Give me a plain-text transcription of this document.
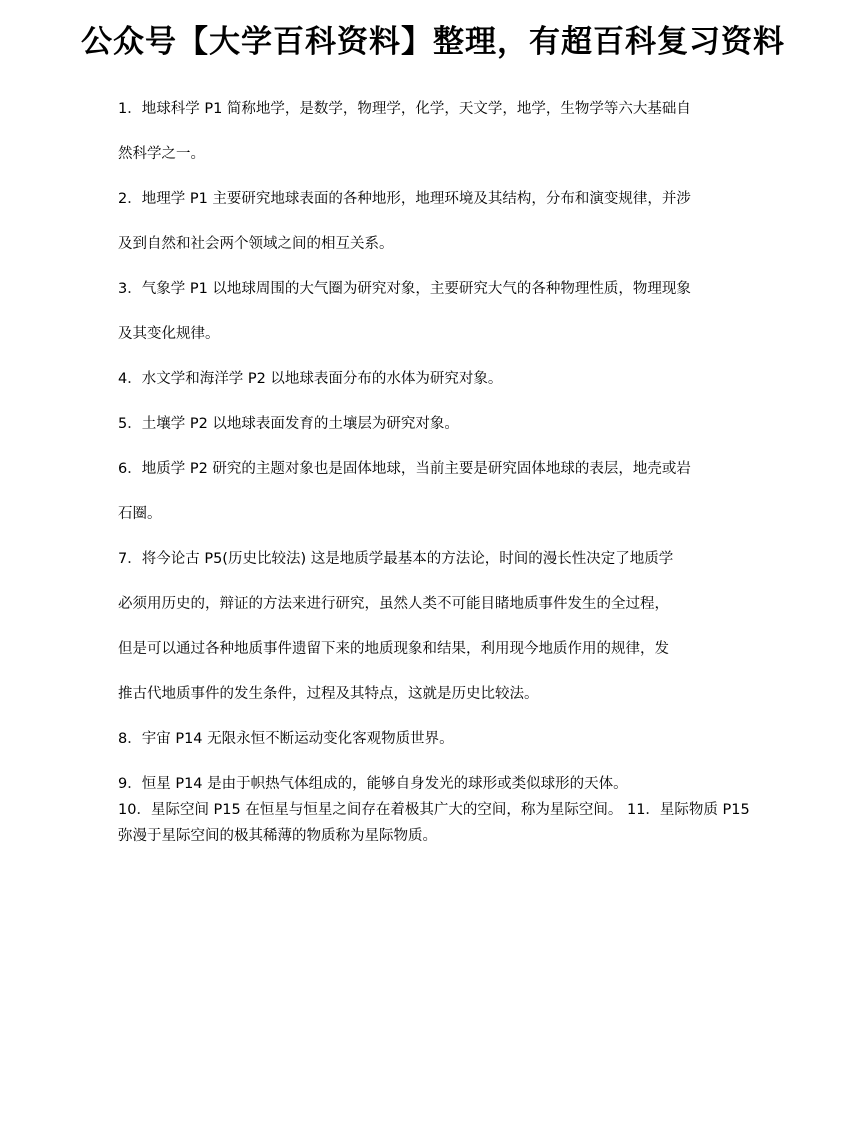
公众号【大学百科资料】整理，有超百科复习资料

1．地球科学 P1 简称地学，是数学，物理学，化学，天文学，地学，生物学等六大基础自

然科学之一。

2．地理学 P1 主要研究地球表面的各种地形，地理环境及其结构，分布和演变规律，并涉

及到自然和社会两个领域之间的相互关系。

3．气象学 P1 以地球周围的大气圈为研究对象，主要研究大气的各种物理性质，物理现象

及其变化规律。

4．水文学和海洋学 P2 以地球表面分布的水体为研究对象。

5．土壤学 P2 以地球表面发育的土壤层为研究对象。

6．地质学 P2 研究的主题对象也是固体地球，当前主要是研究固体地球的表层，地壳或岩

石圈。

7．将今论古 P5(历史比较法) 这是地质学最基本的方法论，时间的漫长性决定了地质学

必须用历史的，辩证的方法来进行研究，虽然人类不可能目睹地质事件发生的全过程，

但是可以通过各种地质事件遗留下来的地质现象和结果，利用现今地质作用的规律，发

推古代地质事件的发生条件，过程及其特点，这就是历史比较法。

8．宇宙 P14 无限永恒不断运动变化客观物质世界。

9．恒星 P14 是由于帜热气体组成的，能够自身发光的球形或类似球形的天体。

10．星际空间 P15 在恒星与恒星之间存在着极其广大的空间，称为星际空间。 11．星际物质 P15 弥漫于星际空间的极其稀薄的物质称为星际物质。
